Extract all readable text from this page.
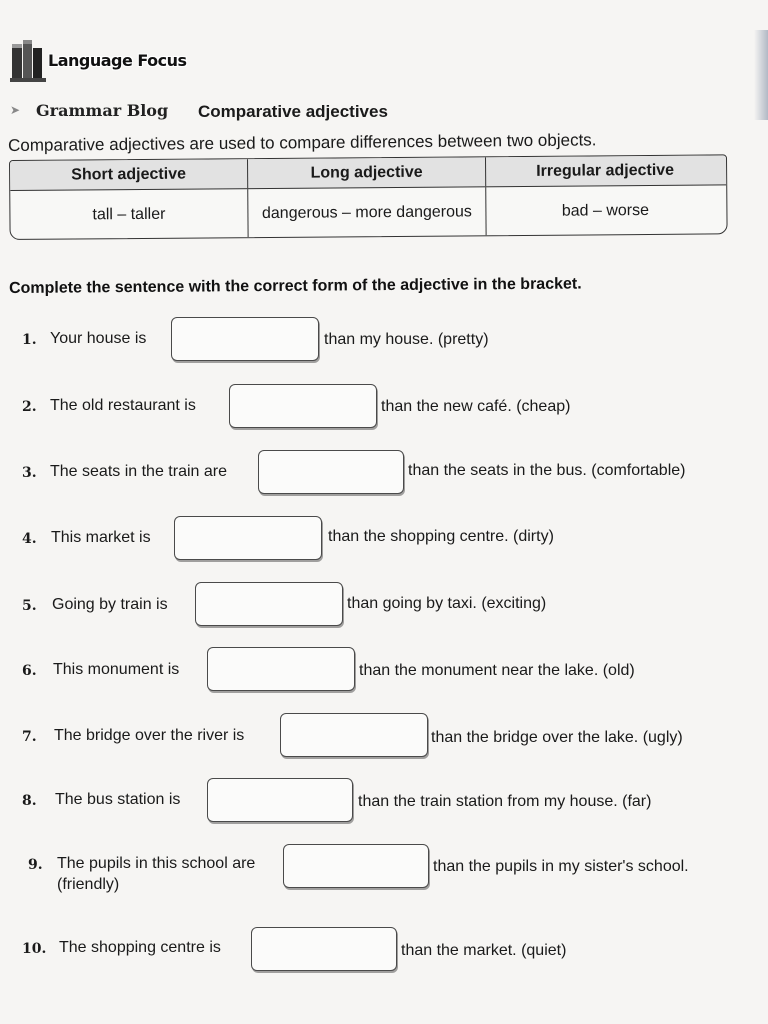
Language Focus
➤ Grammar Blog Comparative adjectives
Comparative adjectives are used to compare differences between two objects.
Short adjective	Long adjective	Irregular adjective
tall – taller	dangerous – more dangerous	bad – worse
Complete the sentence with the correct form of the adjective in the bracket.
1. Your house is	than my house. (pretty)
2. The old restaurant is	than the new café. (cheap)
3. The seats in the train are	than the seats in the bus. (comfortable)
4. This market is	than the shopping centre. (dirty)
5. Going by train is	than going by taxi. (exciting)
6. This monument is	than the monument near the lake. (old)
7. The bridge over the river is	than the bridge over the lake. (ugly)
8. The bus station is	than the train station from my house. (far)
9. The pupils in this school are
(friendly)
than the pupils in my sister's school.
10. The shopping centre is	than the market. (quiet)
